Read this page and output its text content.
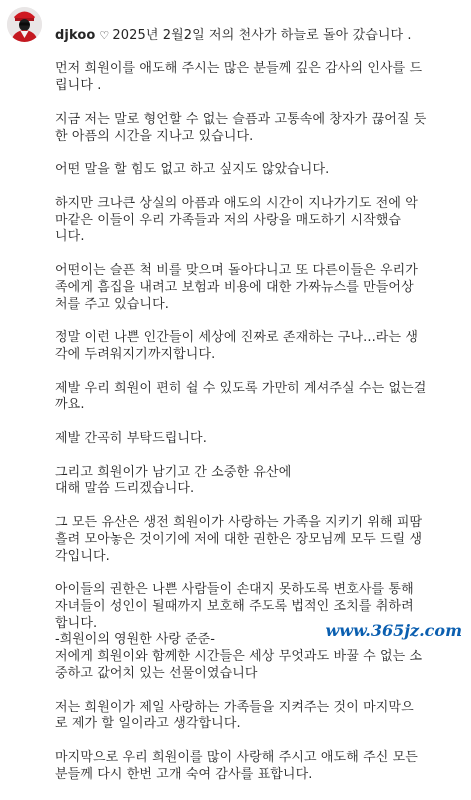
djkoo ♡ 2025년 2월2일 저의 천사가 하늘로 돌아 갔습니다 .

먼저 희원이를 애도해 주시는 많은 분들께 깊은 감사의 인사를 드
립니다 .

지금 저는 말로 형언할 수 없는 슬픔과 고통속에 창자가 끊어질 듯
한 아픔의 시간을 지나고 있습니다.

어떤 말을 할 힘도 없고 하고 싶지도 않았습니다.

하지만 크나큰 상실의 아픔과 애도의 시간이 지나가기도 전에 악
마같은 이들이 우리 가족들과 저의 사랑을 매도하기 시작했습
니다.

어떤이는 슬픈 척 비를 맞으며 돌아다니고 또 다른이들은 우리가
족에게 흠집을 내려고 보험과 비용에 대한 가짜뉴스를 만들어상
처를 주고 있습니다.

정말 이런 나쁜 인간들이 세상에 진짜로 존재하는 구나...라는 생
각에 두려워지기까지합니다.

제발 우리 희원이 편히 쉴 수 있도록 가만히 계셔주실 수는 없는걸
까요.

제발 간곡히 부탁드립니다.

그리고 희원이가 남기고 간 소중한 유산에
대해 말씀 드리겠습니다.

그 모든 유산은 생전 희원이가 사랑하는 가족을 지키기 위해 피땀
흘려 모아놓은 것이기에 저에 대한 권한은 장모님께 모두 드릴 생
각입니다.

아이들의 권한은 나쁜 사람들이 손대지 못하도록 변호사를 통해
자녀들이 성인이 될때까지 보호해 주도록 법적인 조치를 취하려
합니다.

저에게 희원이와 함께한 시간들은 세상 무엇과도 바꿀 수 없는 소
중하고 값어치 있는 선물이였습니다

저는 희원이가 제일 사랑하는 가족들을 지켜주는 것이 마지막으
로 제가 할 일이라고 생각합니다.

마지막으로 우리 희원이를 많이 사랑해 주시고 애도해 주신 모든
분들께 다시 한번 고개 숙여 감사를 표합니다.

-희원이의 영원한 사랑 준준-	www.365jz.com
